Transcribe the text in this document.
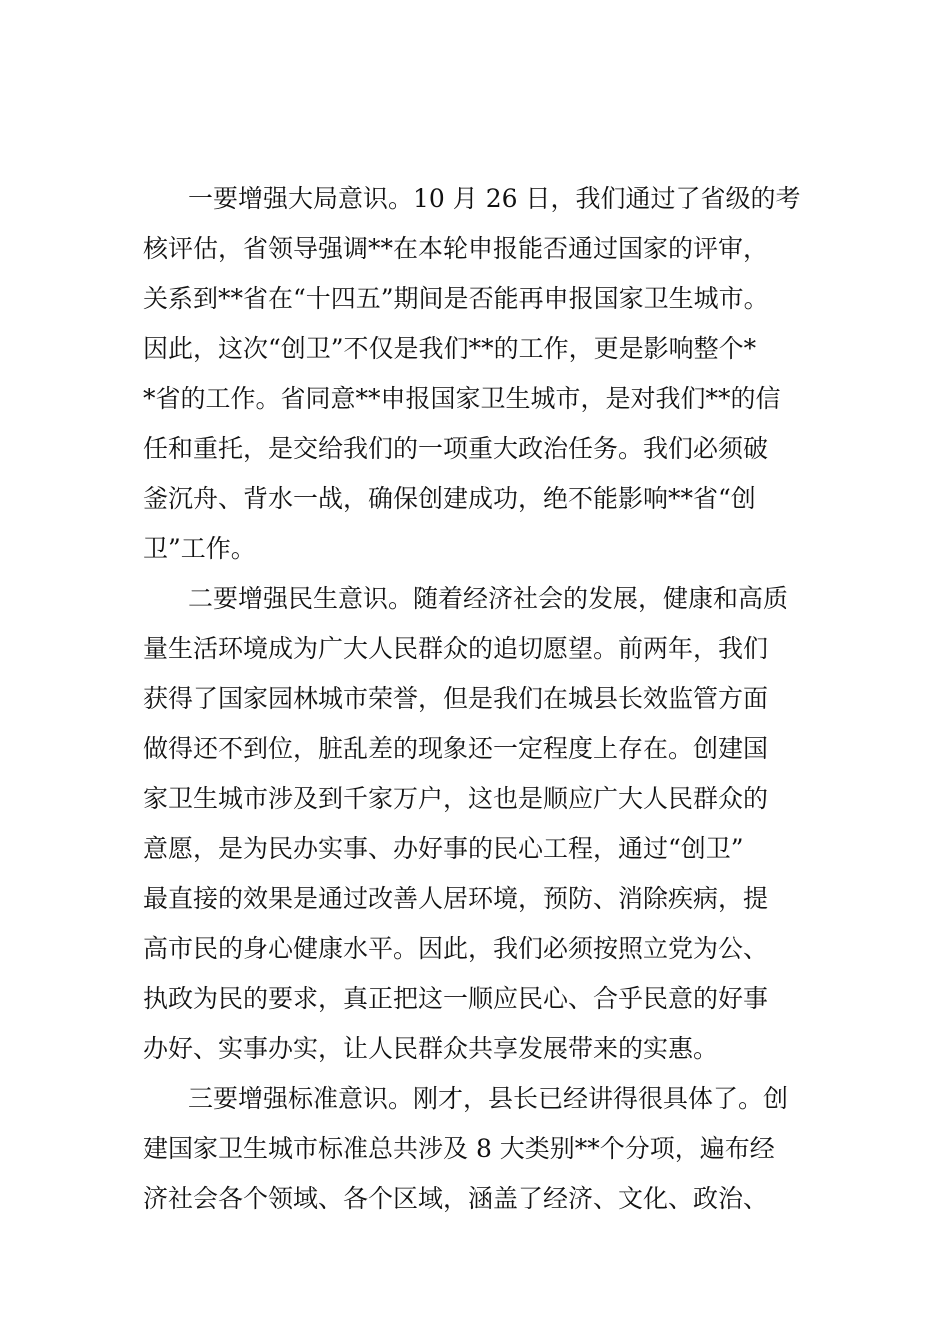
一要增强大局意识。10 月 26 日，我们通过了省级的考
核评估，省领导强调**在本轮申报能否通过国家的评审，
关系到**省在“十四五”期间是否能再申报国家卫生城市。
因此，这次“创卫”不仅是我们**的工作，更是影响整个*
*省的工作。省同意**申报国家卫生城市，是对我们**的信
任和重托，是交给我们的一项重大政治任务。我们必须破
釜沉舟、背水一战，确保创建成功，绝不能影响**省“创
卫”工作。
二要增强民生意识。随着经济社会的发展，健康和高质
量生活环境成为广大人民群众的追切愿望。前两年，我们
获得了国家园林城市荣誉，但是我们在城县长效监管方面
做得还不到位，脏乱差的现象还一定程度上存在。创建国
家卫生城市涉及到千家万户，这也是顺应广大人民群众的
意愿，是为民办实事、办好事的民心工程，通过“创卫”
最直接的效果是通过改善人居环境，预防、消除疾病，提
高市民的身心健康水平。因此，我们必须按照立党为公、
执政为民的要求，真正把这一顺应民心、合乎民意的好事
办好、实事办实，让人民群众共享发展带来的实惠。
三要增强标准意识。刚才，县长已经讲得很具体了。创
建国家卫生城市标准总共涉及 8 大类别**个分项，遍布经
济社会各个领域、各个区域，涵盖了经济、文化、政治、
